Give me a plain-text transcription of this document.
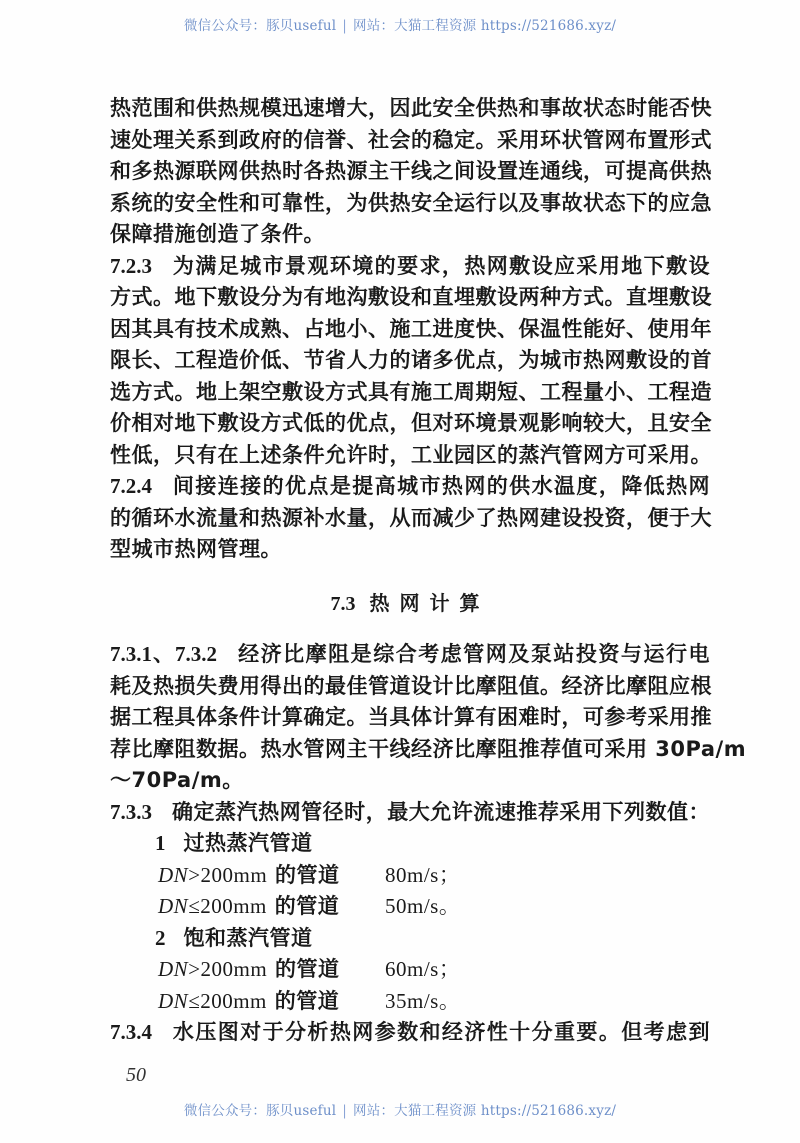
微信公众号：豚贝useful | 网站：大猫工程资源 https://521686.xyz/
热范围和供热规模迅速增大，因此安全供热和事故状态时能否快
速处理关系到政府的信誉、社会的稳定。采用环状管网布置形式
和多热源联网供热时各热源主干线之间设置连通线，可提高供热
系统的安全性和可靠性，为供热安全运行以及事故状态下的应急
保障措施创造了条件。
7.2.3 为满足城市景观环境的要求，热网敷设应采用地下敷设
方式。地下敷设分为有地沟敷设和直埋敷设两种方式。直埋敷设
因其具有技术成熟、占地小、施工进度快、保温性能好、使用年
限长、工程造价低、节省人力的诸多优点，为城市热网敷设的首
选方式。地上架空敷设方式具有施工周期短、工程量小、工程造
价相对地下敷设方式低的优点，但对环境景观影响较大，且安全
性低，只有在上述条件允许时，工业园区的蒸汽管网方可采用。
7.2.4 间接连接的优点是提高城市热网的供水温度，降低热网
的循环水流量和热源补水量，从而减少了热网建设投资，便于大
型城市热网管理。
7.3 热网计算
7.3.1、7.3.2 经济比摩阻是综合考虑管网及泵站投资与运行电
耗及热损失费用得出的最佳管道设计比摩阻值。经济比摩阻应根
据工程具体条件计算确定。当具体计算有困难时，可参考采用推
荐比摩阻数据。热水管网主干线经济比摩阻推荐值可采用 30Pa/m
～70Pa/m。
7.3.3 确定蒸汽热网管径时，最大允许流速推荐采用下列数值：
1 过热蒸汽管道
DN>200mm 的管道 80m/s；
DN≤200mm 的管道 50m/s。
2 饱和蒸汽管道
DN>200mm 的管道 60m/s；
DN≤200mm 的管道 35m/s。
7.3.4 水压图对于分析热网参数和经济性十分重要。但考虑到
50
微信公众号：豚贝useful | 网站：大猫工程资源 https://521686.xyz/
